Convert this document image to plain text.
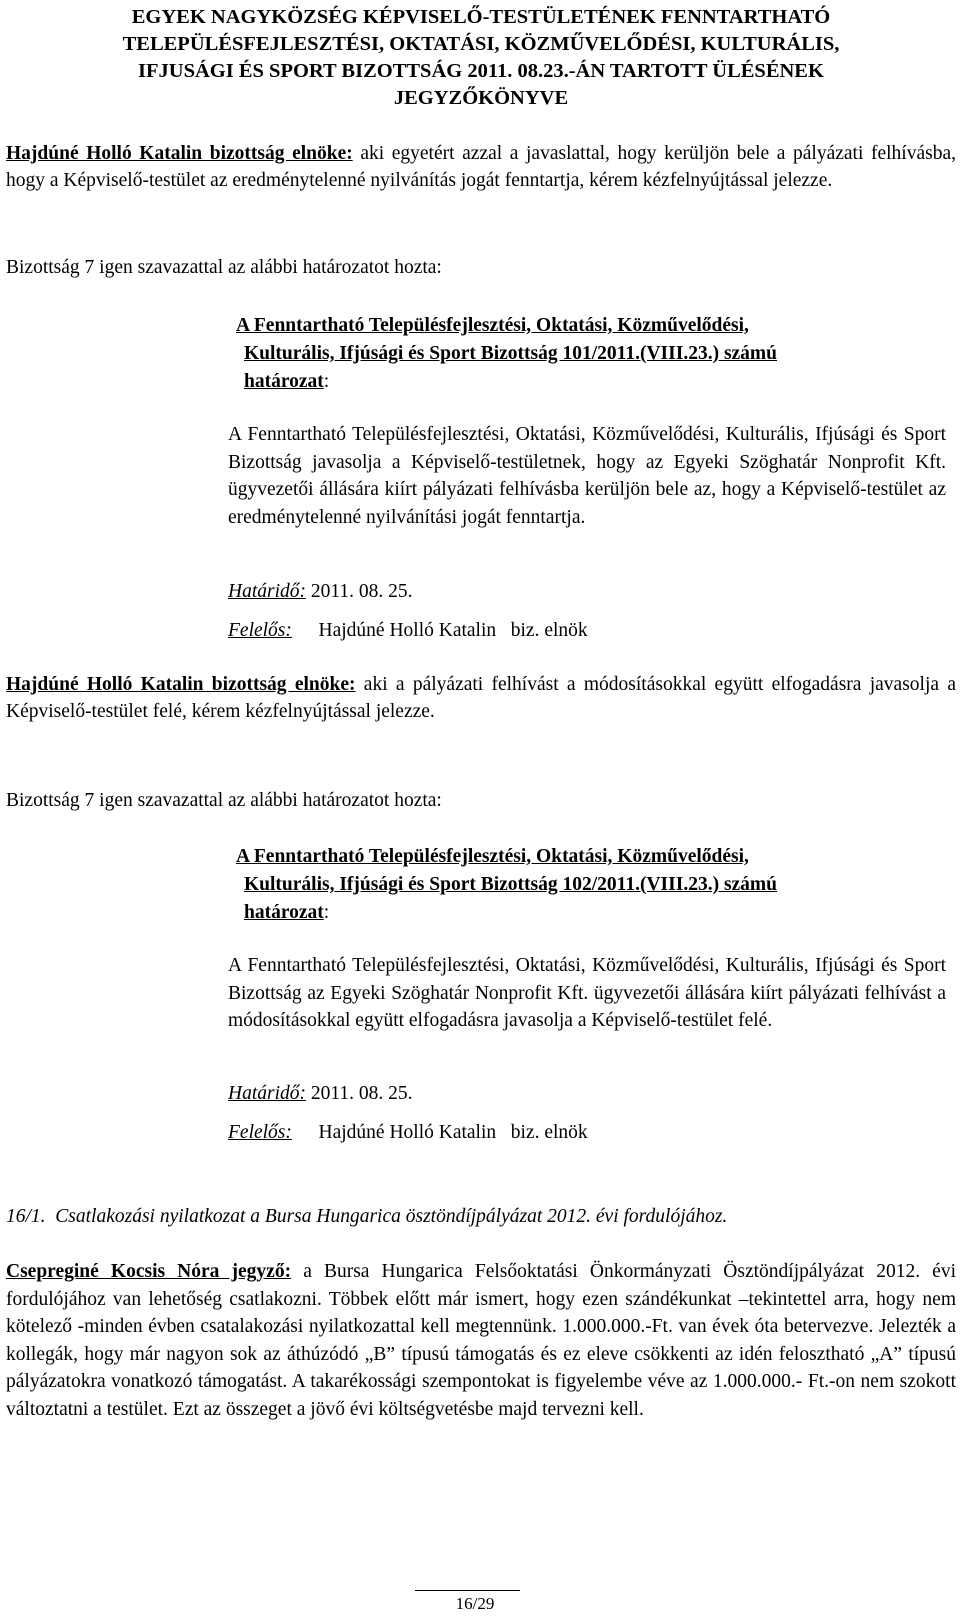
EGYEK NAGYKÖZSÉG KÉPVISELŐ-TESTÜLETÉNEK FENNTARTHATÓ
TELEPÜLÉSFEJLESZTÉSI, OKTATÁSI, KÖZMŰVELŐDÉSI, KULTURÁLIS,
IFJUSÁGI ÉS SPORT BIZOTTSÁG 2011. 08.23.-ÁN TARTOTT ÜLÉSÉNEK
JEGYZŐKÖNYVE
Hajdúné Holló Katalin bizottság elnöke: aki egyetért azzal a javaslattal, hogy kerüljön bele a pályázati felhívásba, hogy a Képviselő-testület az eredménytelenné nyilvánítás jogát fenntartja, kérem kézfelnyújtással jelezze.
Bizottság 7 igen szavazattal az alábbi határozatot hozta:
A Fenntartható Településfejlesztési, Oktatási, Közművelődési,
Kulturális, Ifjúsági és Sport Bizottság 101/2011.(VIII.23.) számú
határozat:
A Fenntartható Településfejlesztési, Oktatási, Közművelődési, Kulturális, Ifjúsági és Sport Bizottság javasolja a Képviselő-testületnek, hogy az Egyeki Szöghatár Nonprofit Kft. ügyvezetői állására kiírt pályázati felhívásba kerüljön bele az, hogy a Képviselő-testület az eredménytelenné nyilvánítási jogát fenntartja.
Határidő: 2011. 08. 25.
Felelős:   Hajdúné Holló Katalin   biz. elnök
Hajdúné Holló Katalin bizottság elnöke: aki a pályázati felhívást a módosításokkal együtt elfogadásra javasolja a Képviselő-testület felé, kérem kézfelnyújtással jelezze.
Bizottság 7 igen szavazattal az alábbi határozatot hozta:
A Fenntartható Településfejlesztési, Oktatási, Közművelődési,
Kulturális, Ifjúsági és Sport Bizottság 102/2011.(VIII.23.) számú
határozat:
A Fenntartható Településfejlesztési, Oktatási, Közművelődési, Kulturális, Ifjúsági és Sport Bizottság az Egyeki Szöghatár Nonprofit Kft. ügyvezetői állására kiírt pályázati felhívást a módosításokkal együtt elfogadásra javasolja a Képviselő-testület felé.
Határidő: 2011. 08. 25.
Felelős:   Hajdúné Holló Katalin   biz. elnök
16/1.  Csatlakozási nyilatkozat a Bursa Hungarica ösztöndíjpályázat 2012. évi fordulójához.
Csepreginé Kocsis Nóra jegyző: a Bursa Hungarica Felsőoktatási Önkormányzati Ösztöndíjpályázat 2012. évi fordulójához van lehetőség csatlakozni. Többek előtt már ismert, hogy ezen szándékunkat –tekintettel arra, hogy nem kötelező -minden évben csatalakozási nyilatkozattal kell megtennünk. 1.000.000.-Ft. van évek óta betervezve. Jelezték a kollegák, hogy már nagyon sok az áthúzódó „B” típusú támogatás és ez eleve csökkenti az idén felosztható „A” típusú pályázatokra vonatkozó támogatást. A takarékossági szempontokat is figyelembe véve az 1.000.000.- Ft.-on nem szokott változtatni a testület. Ezt az összeget a jövő évi költségvetésbe majd tervezni kell.
16/29
